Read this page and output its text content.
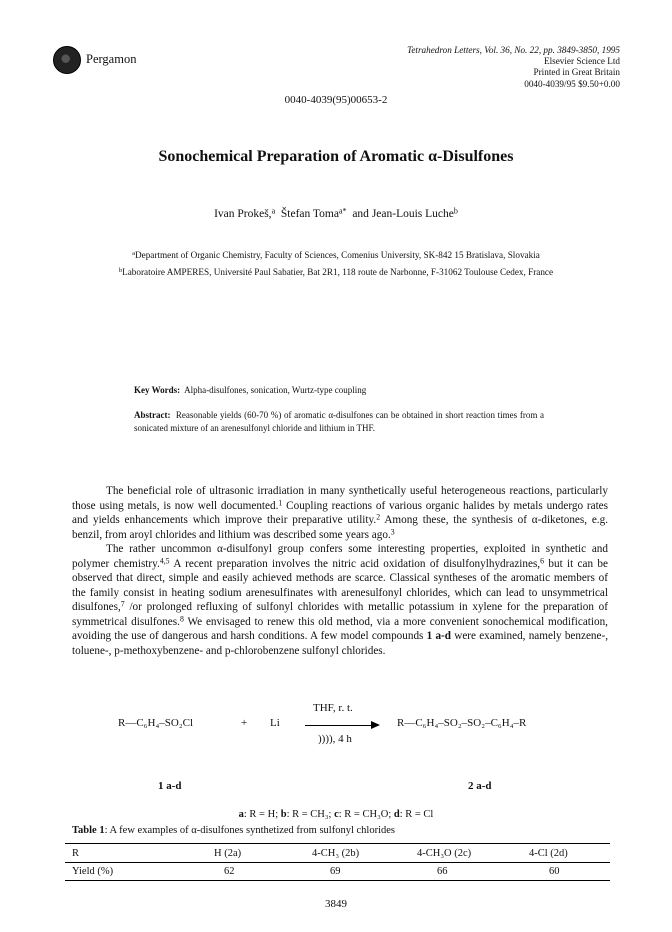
Pergamon
Tetrahedron Letters, Vol. 36, No. 22, pp. 3849-3850, 1995
Elsevier Science Ltd
Printed in Great Britain
0040-4039/95 $9.50+0.00
0040-4039(95)00653-2
Sonochemical Preparation of Aromatic α-Disulfones
Ivan Prokeš,$^a$ Štefan Toma$^{a*}$ and Jean-Louis Luche$^b$
$^a$Department of Organic Chemistry, Faculty of Sciences, Comenius University, SK-842 15 Bratislava, Slovakia
$^b$Laboratoire AMPERES, Université Paul Sabatier, Bat 2R1, 118 route de Narbonne, F-31062 Toulouse Cedex, France
Key Words: Alpha-disulfones, sonication, Wurtz-type coupling
Abstract: Reasonable yields (60-70 %) of aromatic α-disulfones can be obtained in short reaction times from a sonicated mixture of an arenesulfonyl chloride and lithium in THF.

The beneficial role of ultrasonic irradiation in many synthetically useful heterogeneous reactions, particularly those using metals, is now well documented.$^1$ Coupling reactions of various organic halides by metals undergo rates and yields enhancements which improve their preparative utility.$^2$ Among these, the synthesis of α-diketones, e.g. benzil, from aroyl chlorides and lithium was described some years ago.$^3$

The rather uncommon α-disulfonyl group confers some interesting properties, exploited in synthetic and polymer chemistry.$^{4,5}$ A recent preparation involves the nitric acid oxidation of disulfonylhydrazines,$^6$ but it can be observed that direct, simple and easily achieved methods are scarce. Classical syntheses of the aromatic members of the family consist in heating sodium arenesulfinates with arenesulfonyl chlorides, which can lead to unsymmetrical disulfones,$^7$ /or prolonged refluxing of sulfonyl chlorides with metallic potassium in xylene for the preparation of symmetrical disulfones.$^8$ We envisaged to renew this old method, via a more convenient sonochemical modification, avoiding the use of dangerous and harsh conditions. A few model compounds 1 a-d were examined, namely benzene-, toluene-, p-methoxybenzene- and p-chlorobenzene sulfonyl chlorides.

R—C₆H₄–SO₂Cl	+ Li
THF, r. t.
)))), 4 h
R—C₆H₄–SO₂–SO₂–C₆H₄–R
1 a-d	2 a-d
a: R = H; b: R = CH₃; c: R = CH₃O; d: R = Cl
Table 1: A few examples of α-disulfones synthetized from sulfonyl chlorides
R	H (2a)	4-CH₃ (2b)	4-CH₃O (2c)	4-Cl (2d)
Yield (%)	62	69	66	60
3849
